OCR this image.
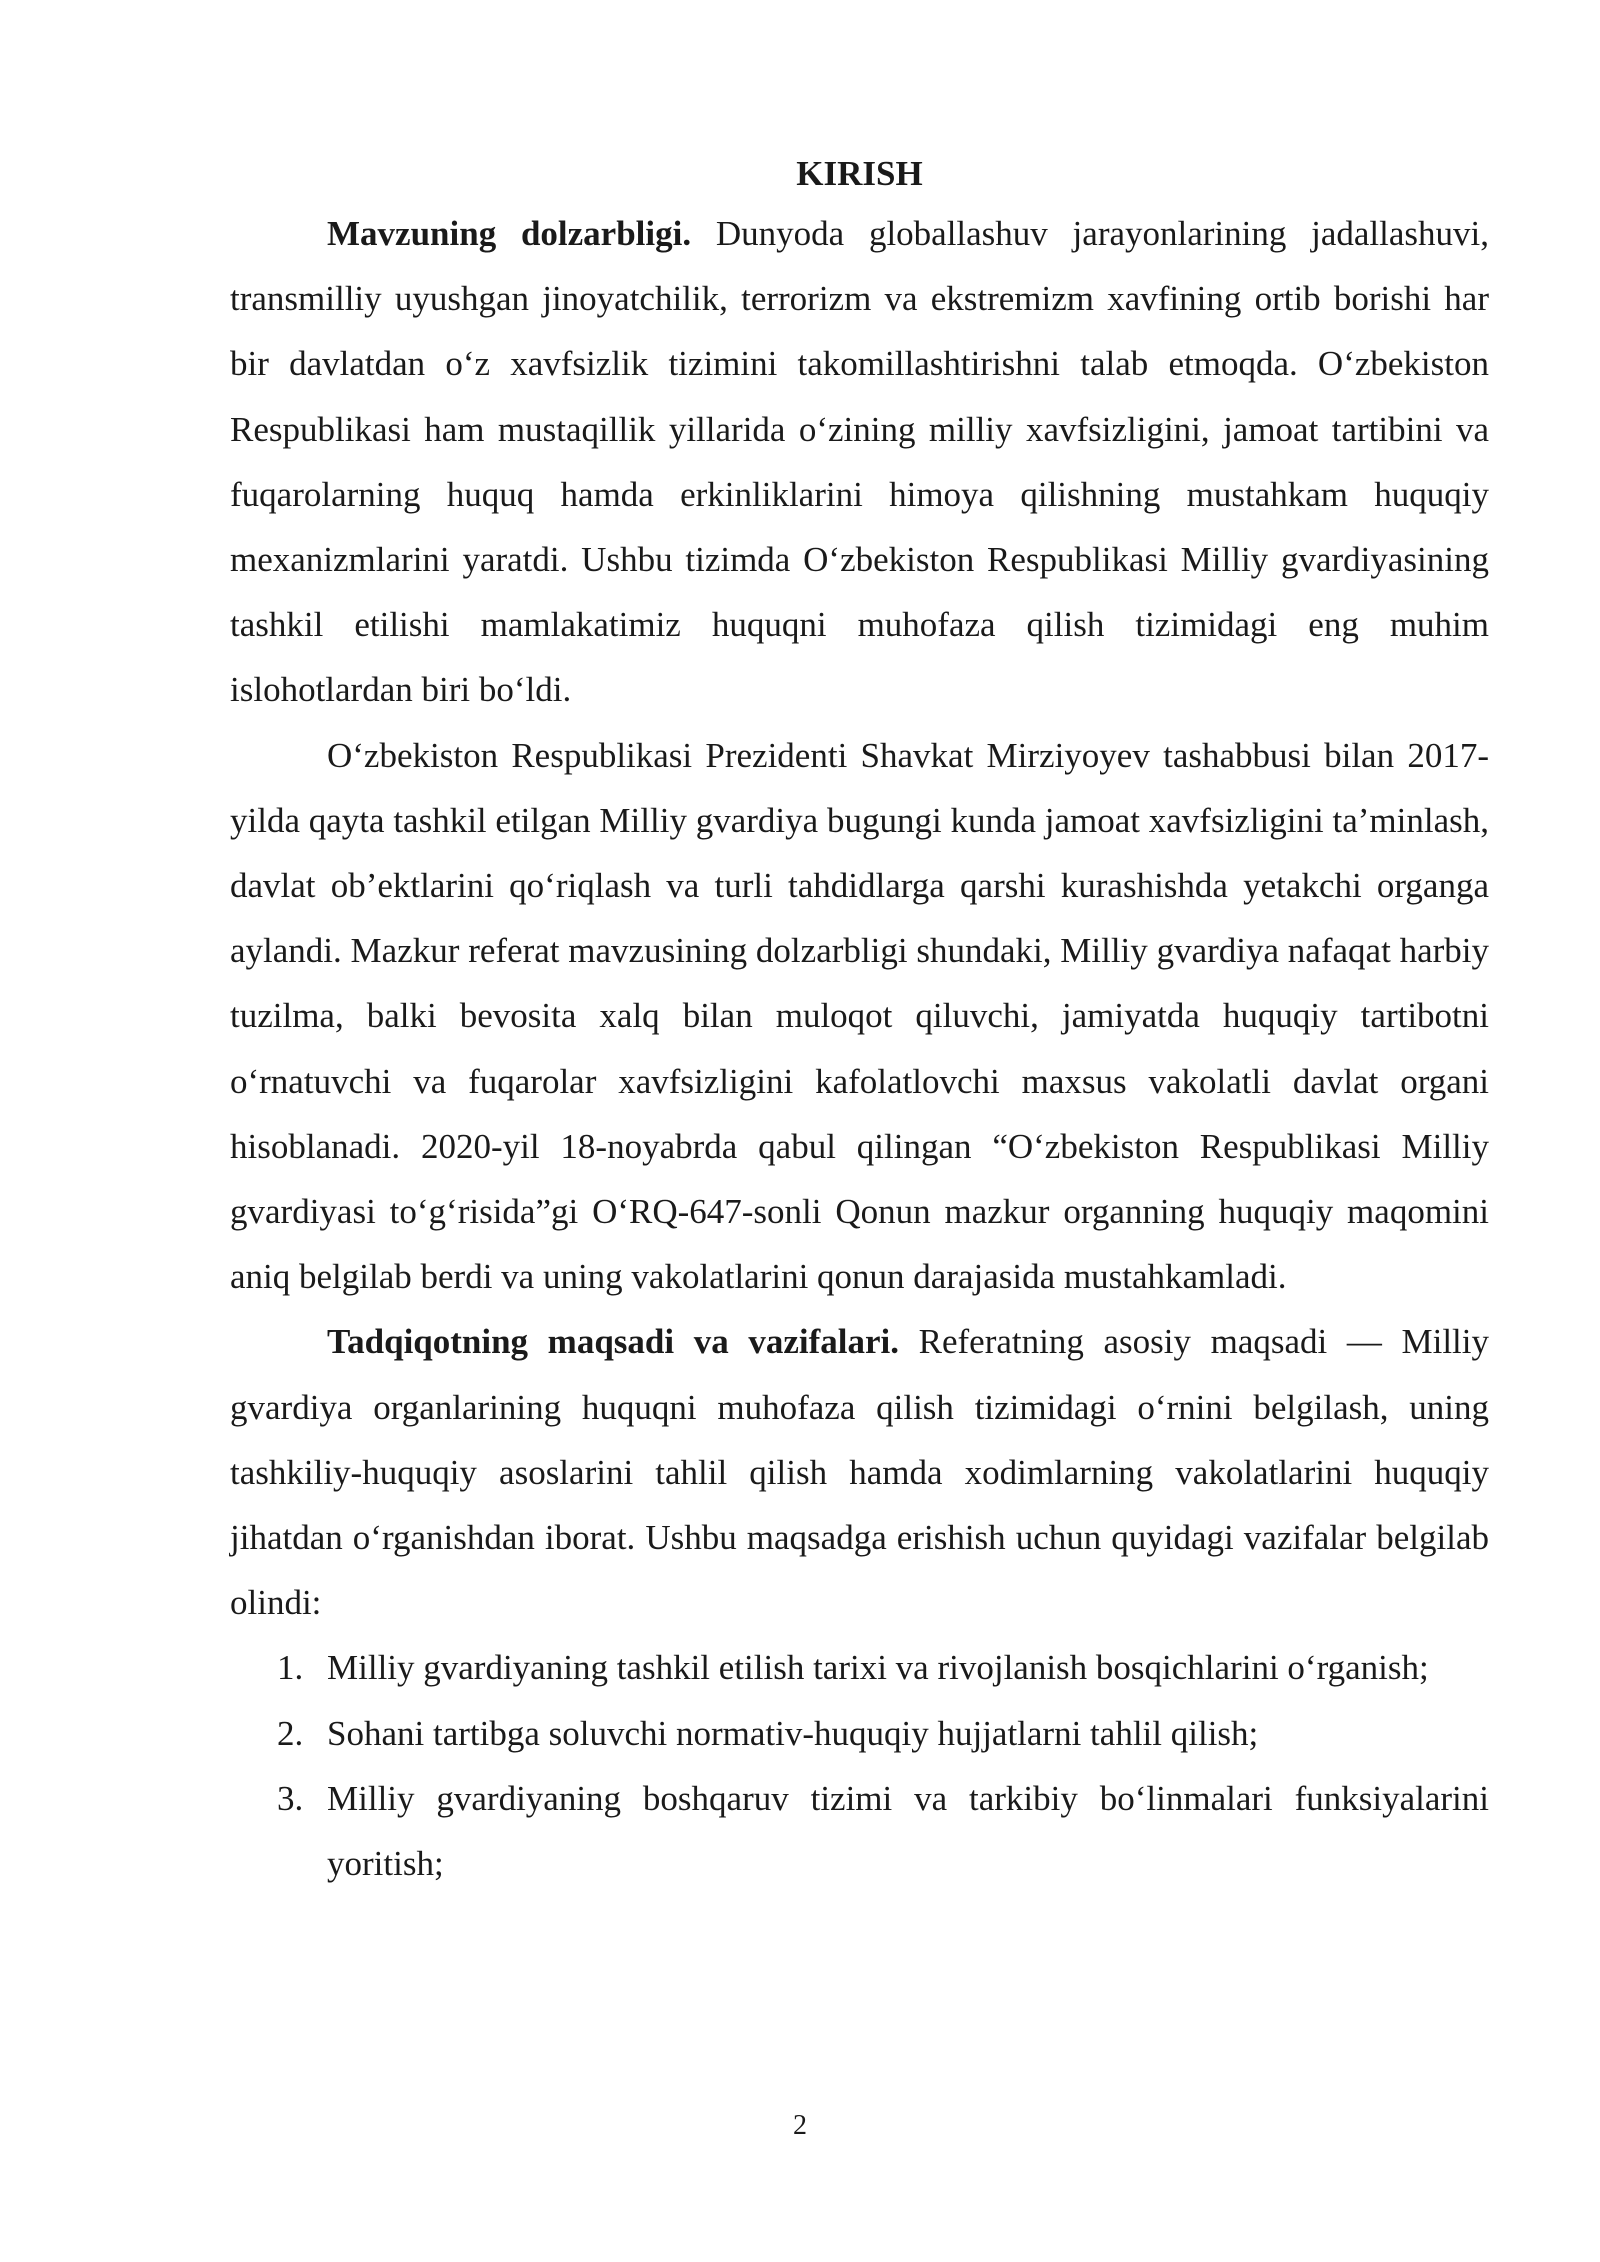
KIRISH

Mavzuning dolzarbligi. Dunyoda globallashuv jarayonlarining jadallashuvi, transmilliy uyushgan jinoyatchilik, terrorizm va ekstremizm xavfining ortib borishi har bir davlatdan o‘z xavfsizlik tizimini takomillashtirishni talab etmoqda. O‘zbekiston Respublikasi ham mustaqillik yillarida o‘zining milliy xavfsizligini, jamoat tartibini va fuqarolarning huquq hamda erkinliklarini himoya qilishning mustahkam huquqiy mexanizmlarini yaratdi. Ushbu tizimda O‘zbekiston Respublikasi Milliy gvardiyasining tashkil etilishi mamlakatimiz huquqni muhofaza qilish tizimidagi eng muhim islohotlardan biri bo‘ldi.

O‘zbekiston Respublikasi Prezidenti Shavkat Mirziyoyev tashabbusi bilan 2017-yilda qayta tashkil etilgan Milliy gvardiya bugungi kunda jamoat xavfsizligini ta’minlash, davlat ob’ektlarini qo‘riqlash va turli tahdidlarga qarshi kurashishda yetakchi organga aylandi. Mazkur referat mavzusining dolzarbligi shundaki, Milliy gvardiya nafaqat harbiy tuzilma, balki bevosita xalq bilan muloqot qiluvchi, jamiyatda huquqiy tartibotni o‘rnatuvchi va fuqarolar xavfsizligini kafolatlovchi maxsus vakolatli davlat organi hisoblanadi. 2020-yil 18-noyabrda qabul qilingan “O‘zbekiston Respublikasi Milliy gvardiyasi to‘g‘risida”gi O‘RQ-647-sonli Qonun mazkur organning huquqiy maqomini aniq belgilab berdi va uning vakolatlarini qonun darajasida mustahkamladi.

Tadqiqotning maqsadi va vazifalari. Referatning asosiy maqsadi — Milliy gvardiya organlarining huquqni muhofaza qilish tizimidagi o‘rnini belgilash, uning tashkiliy-huquqiy asoslarini tahlil qilish hamda xodimlarning vakolatlarini huquqiy jihatdan o‘rganishdan iborat. Ushbu maqsadga erishish uchun quyidagi vazifalar belgilab olindi:

1. Milliy gvardiyaning tashkil etilish tarixi va rivojlanish bosqichlarini o‘rganish;
2. Sohani tartibga soluvchi normativ-huquqiy hujjatlarni tahlil qilish;
3. Milliy gvardiyaning boshqaruv tizimi va tarkibiy bo‘linmalari funksiyalarini yoritish;
2
